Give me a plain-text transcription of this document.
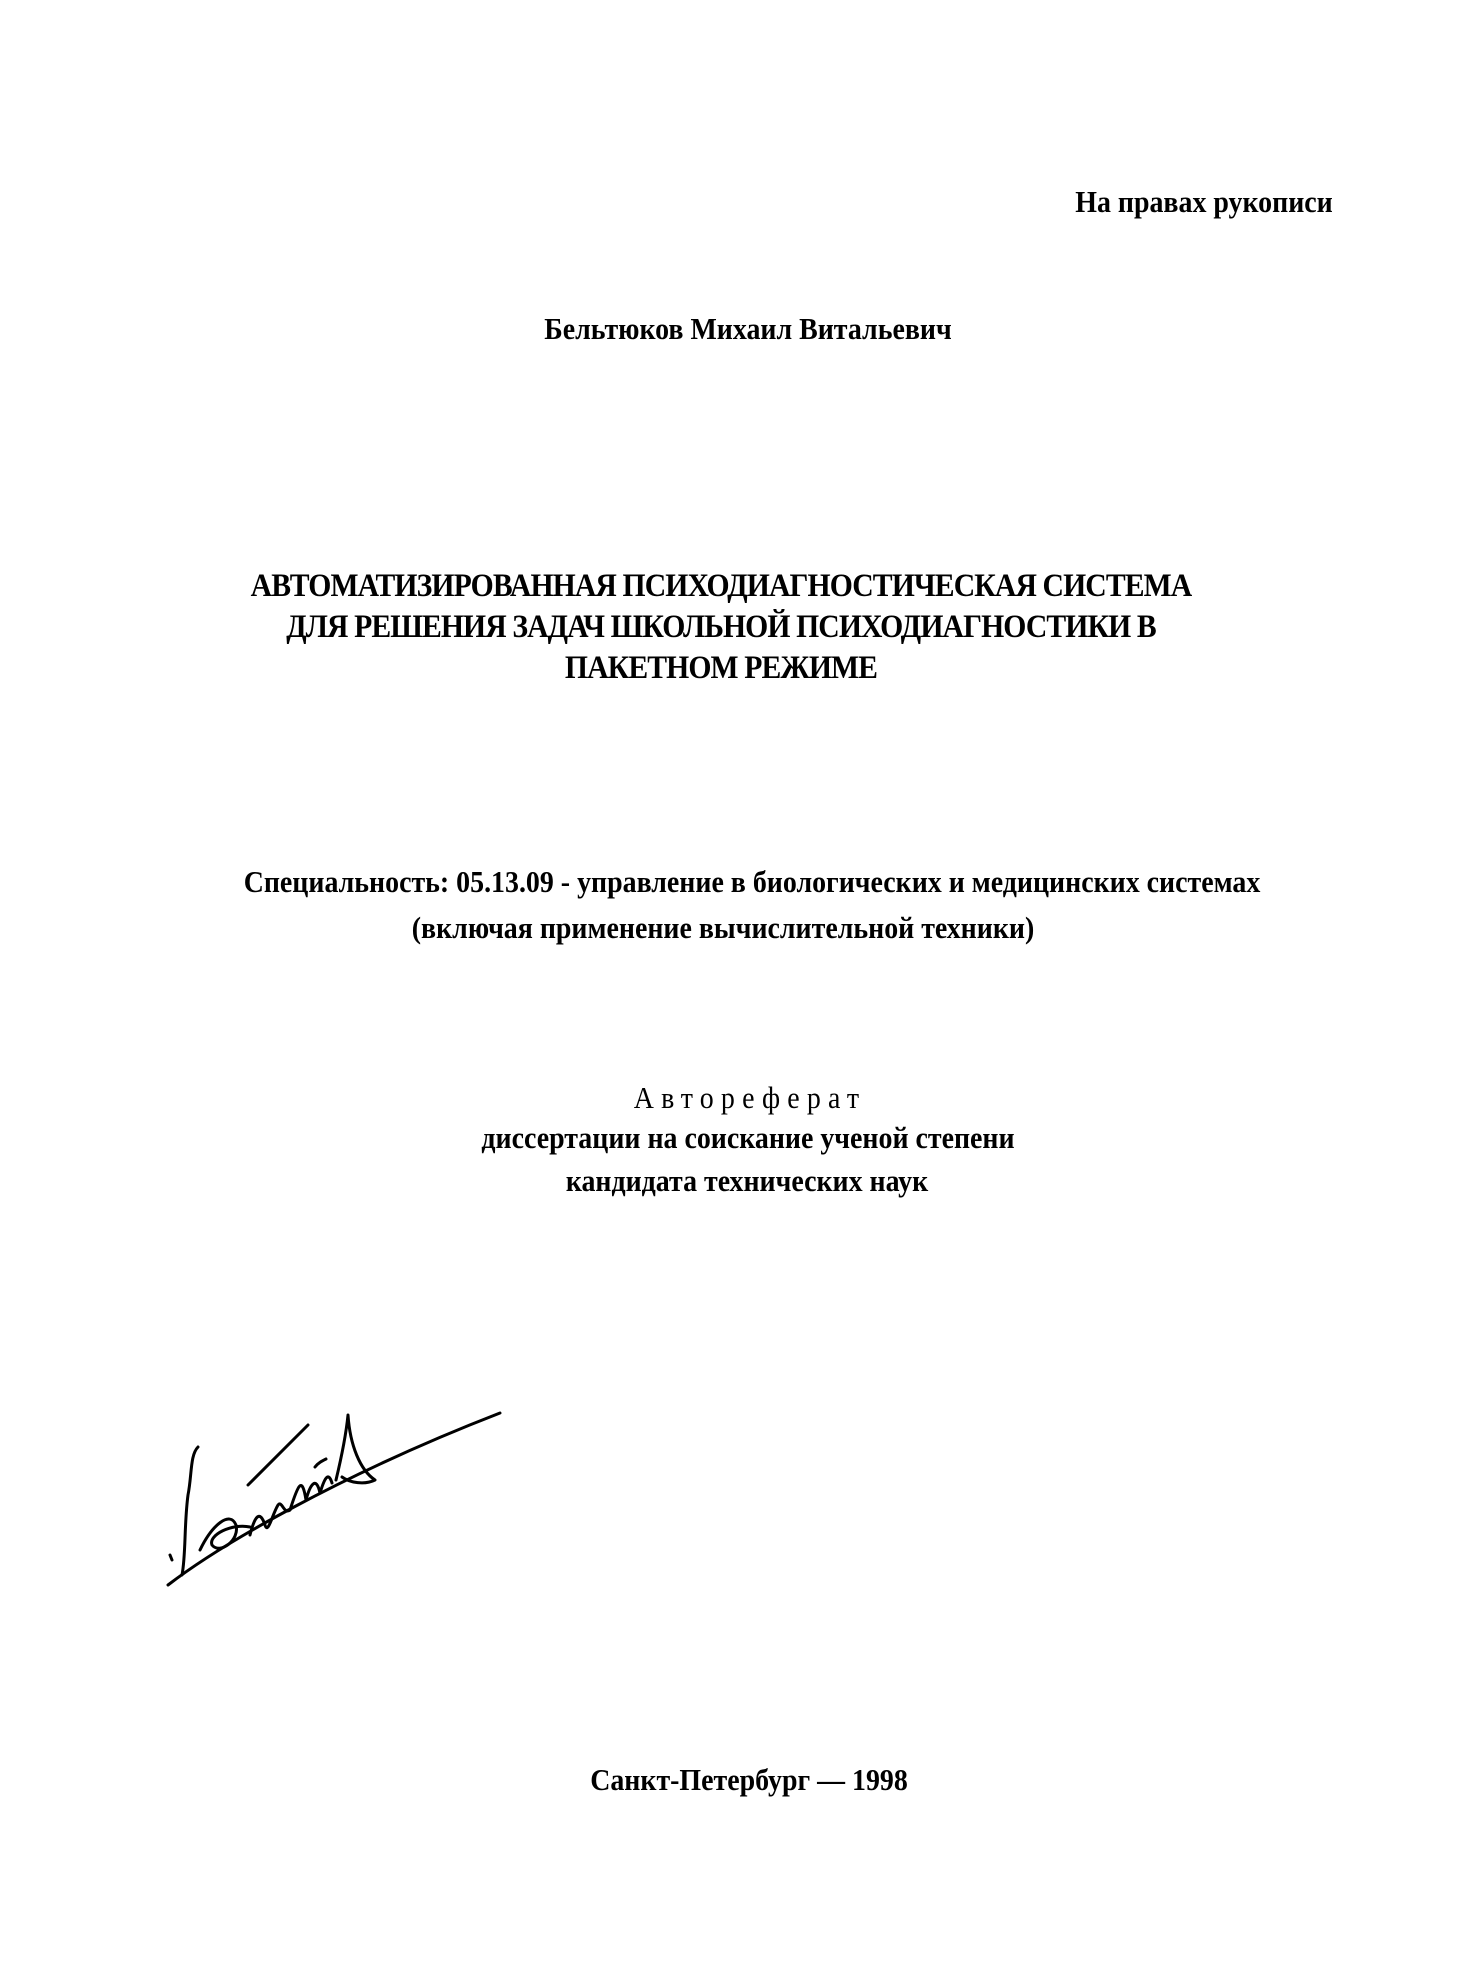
На правах рукописи
Бельтюков Михаил Витальевич
АВТОМАТИЗИРОВАННАЯ ПСИХОДИАГНОСТИЧЕСКАЯ СИСТЕМА
ДЛЯ РЕШЕНИЯ ЗАДАЧ ШКОЛЬНОЙ ПСИХОДИАГНОСТИКИ В
ПАКЕТНОМ РЕЖИМЕ
Специальность: 05.13.09 - управление в биологических и медицинских системах
(включая применение вычислительной техники)
Автореферат
диссертации на соискание ученой степени
кандидата технических наук
Санкт-Петербург — 1998
